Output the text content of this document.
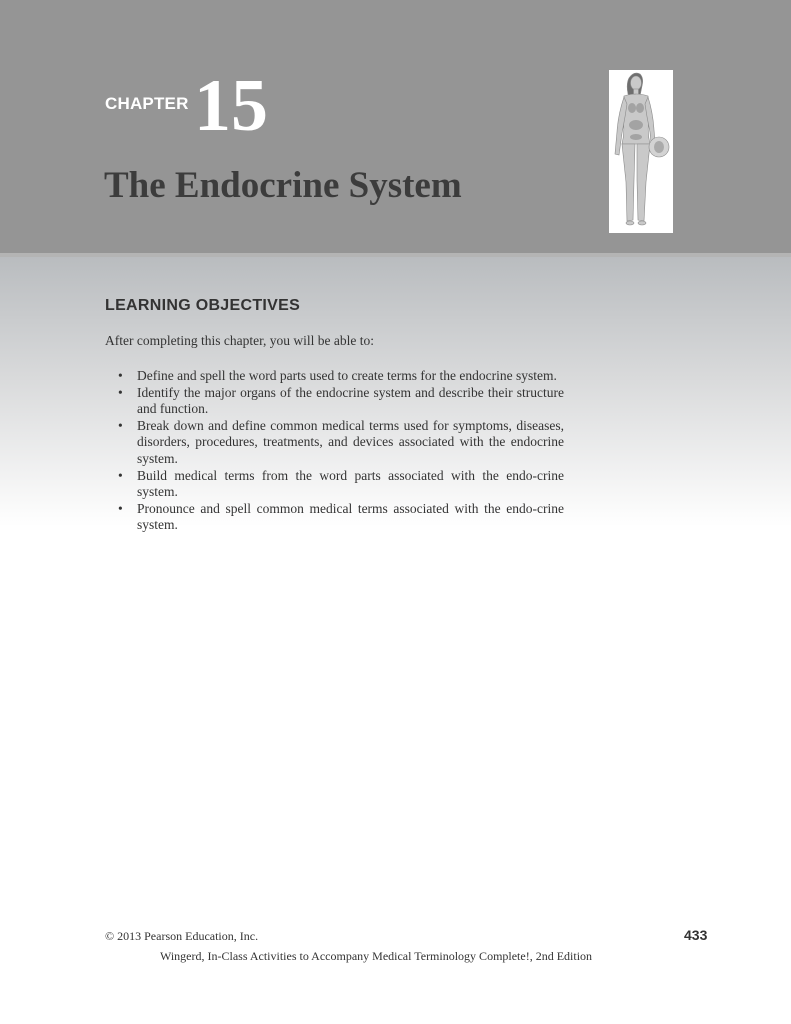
CHAPTER 15
The Endocrine System
LEARNING OBJECTIVES
After completing this chapter, you will be able to:
• Define and spell the word parts used to create terms for the endocrine system.
• Identify the major organs of the endocrine system and describe their structure and function.
• Break down and define common medical terms used for symptoms, diseases, disorders, procedures, treatments, and devices associated with the endocrine system.
• Build medical terms from the word parts associated with the endo-crine system.
• Pronounce and spell common medical terms associated with the endo-crine system.
© 2013 Pearson Education, Inc.	433
Wingerd, In-Class Activities to Accompany Medical Terminology Complete!, 2nd Edition
